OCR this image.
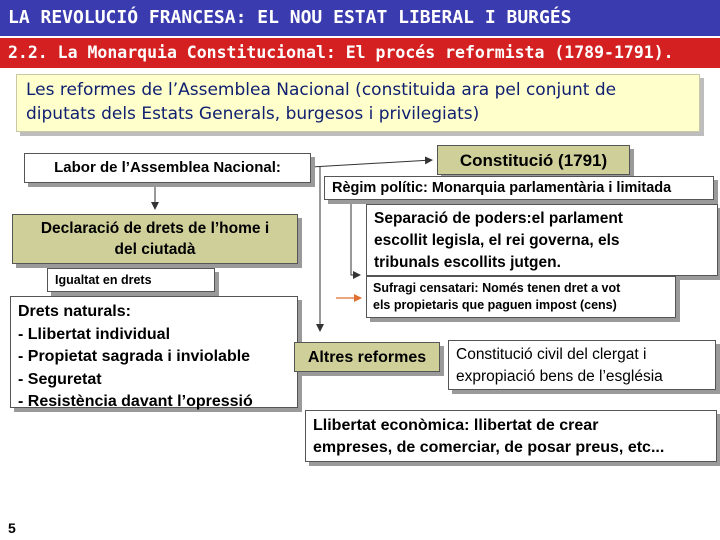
LA REVOLUCIÓ FRANCESA: EL NOU ESTAT LIBERAL I BURGÉS
2.2. La Monarquia Constitucional: El procés reformista (1789-1791).
Les reformes de l’Assemblea Nacional (constituida ara pel conjunt de
diputats dels Estats Generals, burgesos i privilegiats)
Labor de l’Assemblea Nacional:	Constitució (1791)
Règim polític: Monarquia parlamentària i limitada
Separació de poders:el parlament
escollit legisla, el rei governa, els
tribunals escollits jutgen.
Sufragi censatari: Només tenen dret a vot
els propietaris que paguen impost (cens)
Declaració de drets de l’home i
del ciutadà
Igualtat en drets
Drets naturals:
- Llibertat individual
- Propietat sagrada i inviolable
- Seguretat
- Resistència davant l’opressió
Altres reformes	Constitució civil del clergat i
expropiació bens de l’església
Llibertat econòmica: llibertat de crear
empreses, de comerciar, de posar preus, etc...
5
